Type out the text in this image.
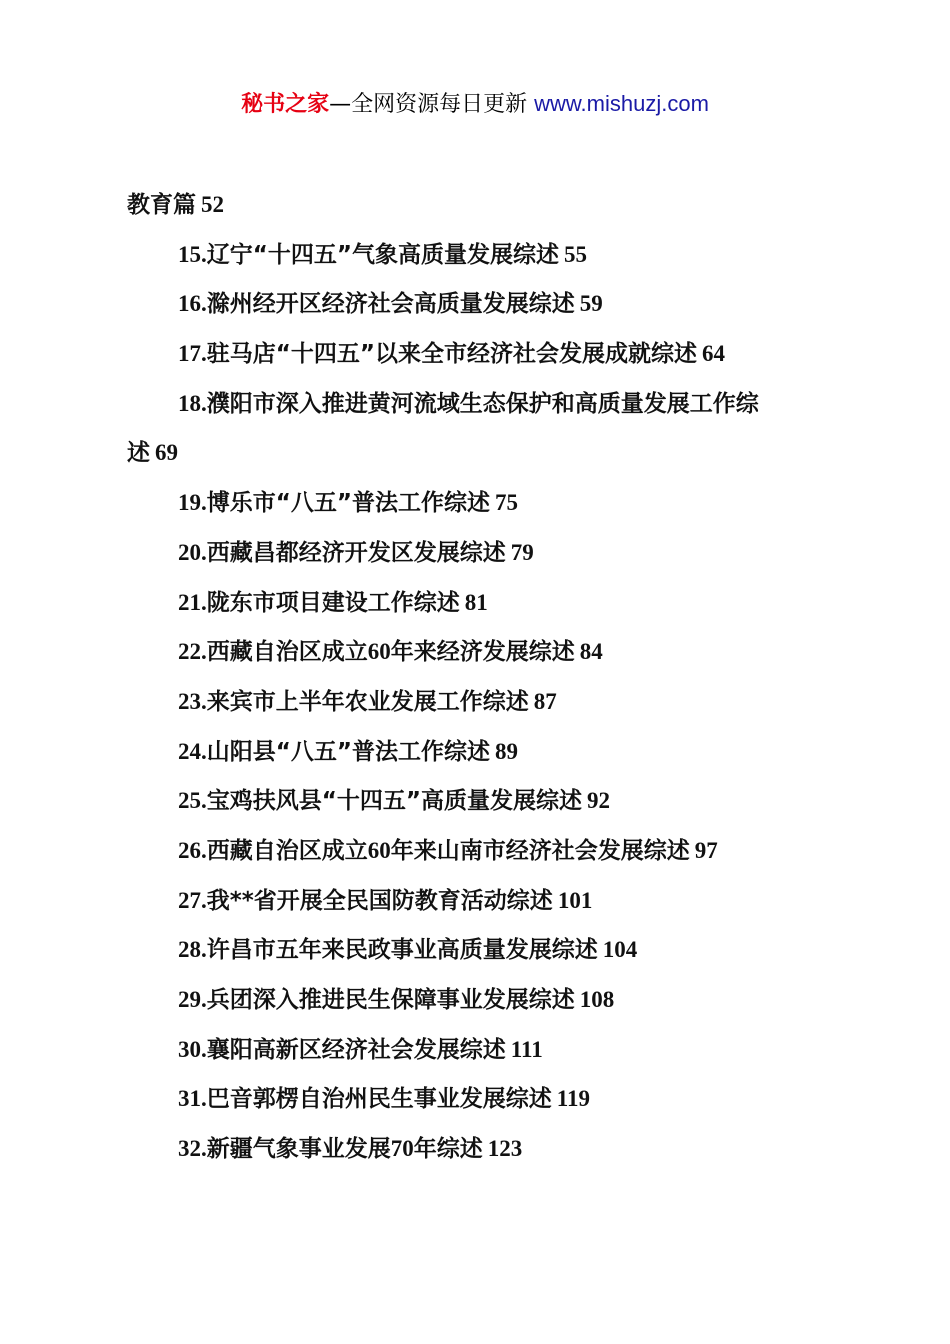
秘书之家—全网资源每日更新 www.mishuzj.com
教育篇 52
15.辽宁“十四五”气象高质量发展综述 55
16.滁州经开区经济社会高质量发展综述 59
17.驻马店“十四五”以来全市经济社会发展成就综述 64
18.濮阳市深入推进黄河流域生态保护和高质量发展工作综
述 69
19.博乐市“八五”普法工作综述 75
20.西藏昌都经济开发区发展综述 79
21.陇东市项目建设工作综述 81
22.西藏自治区成立60年来经济发展综述 84
23.来宾市上半年农业发展工作综述 87
24.山阳县“八五”普法工作综述 89
25.宝鸡扶风县“十四五”高质量发展综述 92
26.西藏自治区成立60年来山南市经济社会发展综述 97
27.我**省开展全民国防教育活动综述 101
28.许昌市五年来民政事业高质量发展综述 104
29.兵团深入推进民生保障事业发展综述 108
30.襄阳高新区经济社会发展综述 111
31.巴音郭楞自治州民生事业发展综述 119
32.新疆气象事业发展70年综述 123
